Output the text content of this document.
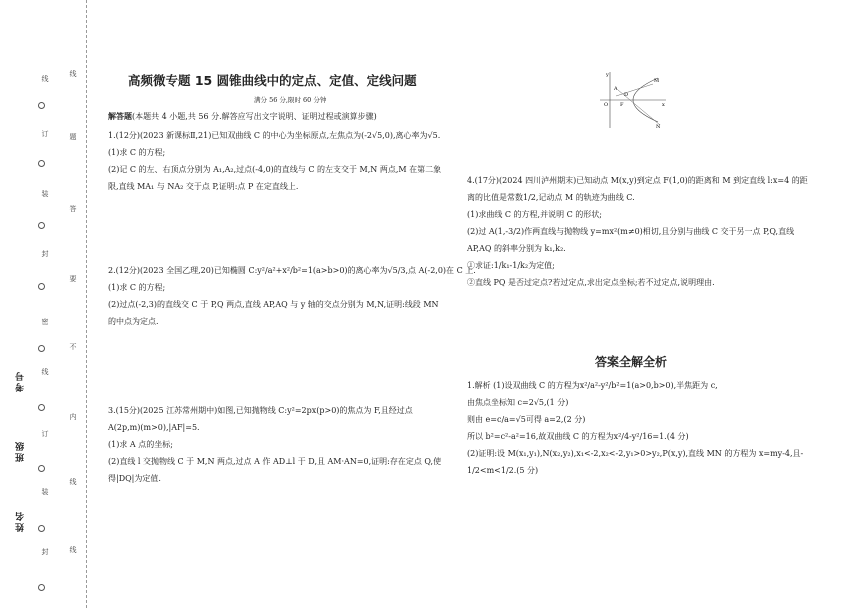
线
题
答
要
不
内
线
线
线
订
装
封
密
线
订
装
封
考号
班级
姓名
高频微专题 15 圆锥曲线中的定点、定值、定线问题
满分 56 分,限时 60 分钟

解答题(本题共 4 小题,共 56 分.解答应写出文字说明、证明过程或演算步骤)

1.(12分)(2023 新课标Ⅱ,21)已知双曲线 C 的中心为坐标原点,左焦点为(-2√5,0),离心率为√5.

(1)求 C 的方程;

(2)记 C 的左、右顶点分别为 A₁,A₂,过点(-4,0)的直线与 C 的左支交于 M,N 两点,M 在第二象

限,直线 MA₁ 与 NA₂ 交于点 P,证明:点 P 在定直线上.

2.(12分)(2023 全国乙理,20)已知椭圆 C:y²/a²+x²/b²=1(a>b>0)的离心率为√5/3,点 A(-2,0)在 C 上.

(1)求 C 的方程;

(2)过点(-2,3)的直线交 C 于 P,Q 两点,直线 AP,AQ 与 y 轴的交点分别为 M,N,证明:线段 MN

的中点为定点.

3.(15分)(2025 江苏常州期中)如图,已知抛物线 C:y²=2px(p>0)的焦点为 F,且经过点

A(2p,m)(m>0),|AF|=5.

(1)求 A 点的坐标;

(2)直线 l 交抛物线 C 于 M,N 两点,过点 A 作 AD⊥l 于 D,且 AM·AN=0,证明:存在定点 Q,使

得|DQ|为定值.

y
O F
A
D
N
M
x

4.(17分)(2024 四川泸州期末)已知动点 M(x,y)到定点 F(1,0)的距离和 M 到定直线 l:x=4 的距

离的比值是常数1/2,记动点 M 的轨迹为曲线 C.

(1)求曲线 C 的方程,并说明 C 的形状;

(2)过 A(1,-3/2)作两直线与抛物线 y=mx²(m≠0)相切,且分别与曲线 C 交于另一点 P,Q,直线

AP,AQ 的斜率分别为 k₁,k₂.

①求证:1/k₁-1/k₂为定值;

②直线 PQ 是否过定点?若过定点,求出定点坐标;若不过定点,说明理由.

答案全解全析

1.解析 (1)设双曲线 C 的方程为x²/a²-y²/b²=1(a>0,b>0),半焦距为 c,

由焦点坐标知 c=2√5,(1 分)

则由 e=c/a=√5可得 a=2,(2 分)

所以 b²=c²-a²=16,故双曲线 C 的方程为x²/4-y²/16=1.(4 分)

(2)证明:设 M(x₁,y₁),N(x₂,y₂),x₁<-2,x₂<-2,y₁>0>y₂,P(x,y),直线 MN 的方程为 x=my-4,且-

1/2<m<1/2.(5 分)
